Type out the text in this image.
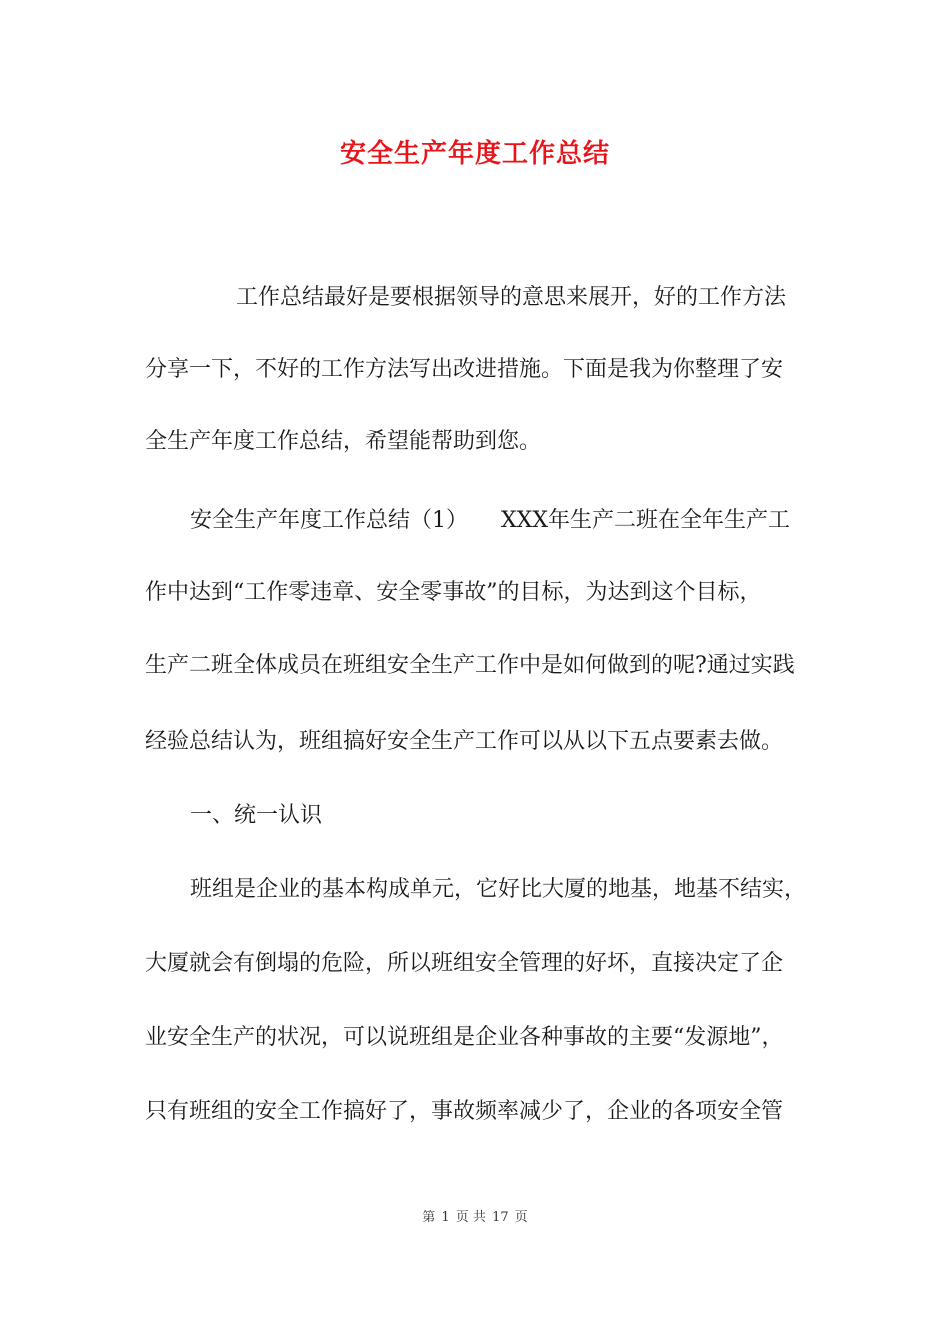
安全生产年度工作总结
工作总结最好是要根据领导的意思来展开，好的工作方法
分享一下，不好的工作方法写出改进措施。下面是我为你整理了安
全生产年度工作总结，希望能帮助到您。
安全生产年度工作总结（1）　　XXX年生产二班在全年生产工
作中达到“工作零违章、安全零事故”的目标，为达到这个目标，
生产二班全体成员在班组安全生产工作中是如何做到的呢?通过实践
经验总结认为，班组搞好安全生产工作可以从以下五点要素去做。
一、统一认识
班组是企业的基本构成单元，它好比大厦的地基，地基不结实，
大厦就会有倒塌的危险，所以班组安全管理的好坏，直接决定了企
业安全生产的状况，可以说班组是企业各种事故的主要“发源地”，
只有班组的安全工作搞好了，事故频率减少了，企业的各项安全管
第 1 页 共 17 页
